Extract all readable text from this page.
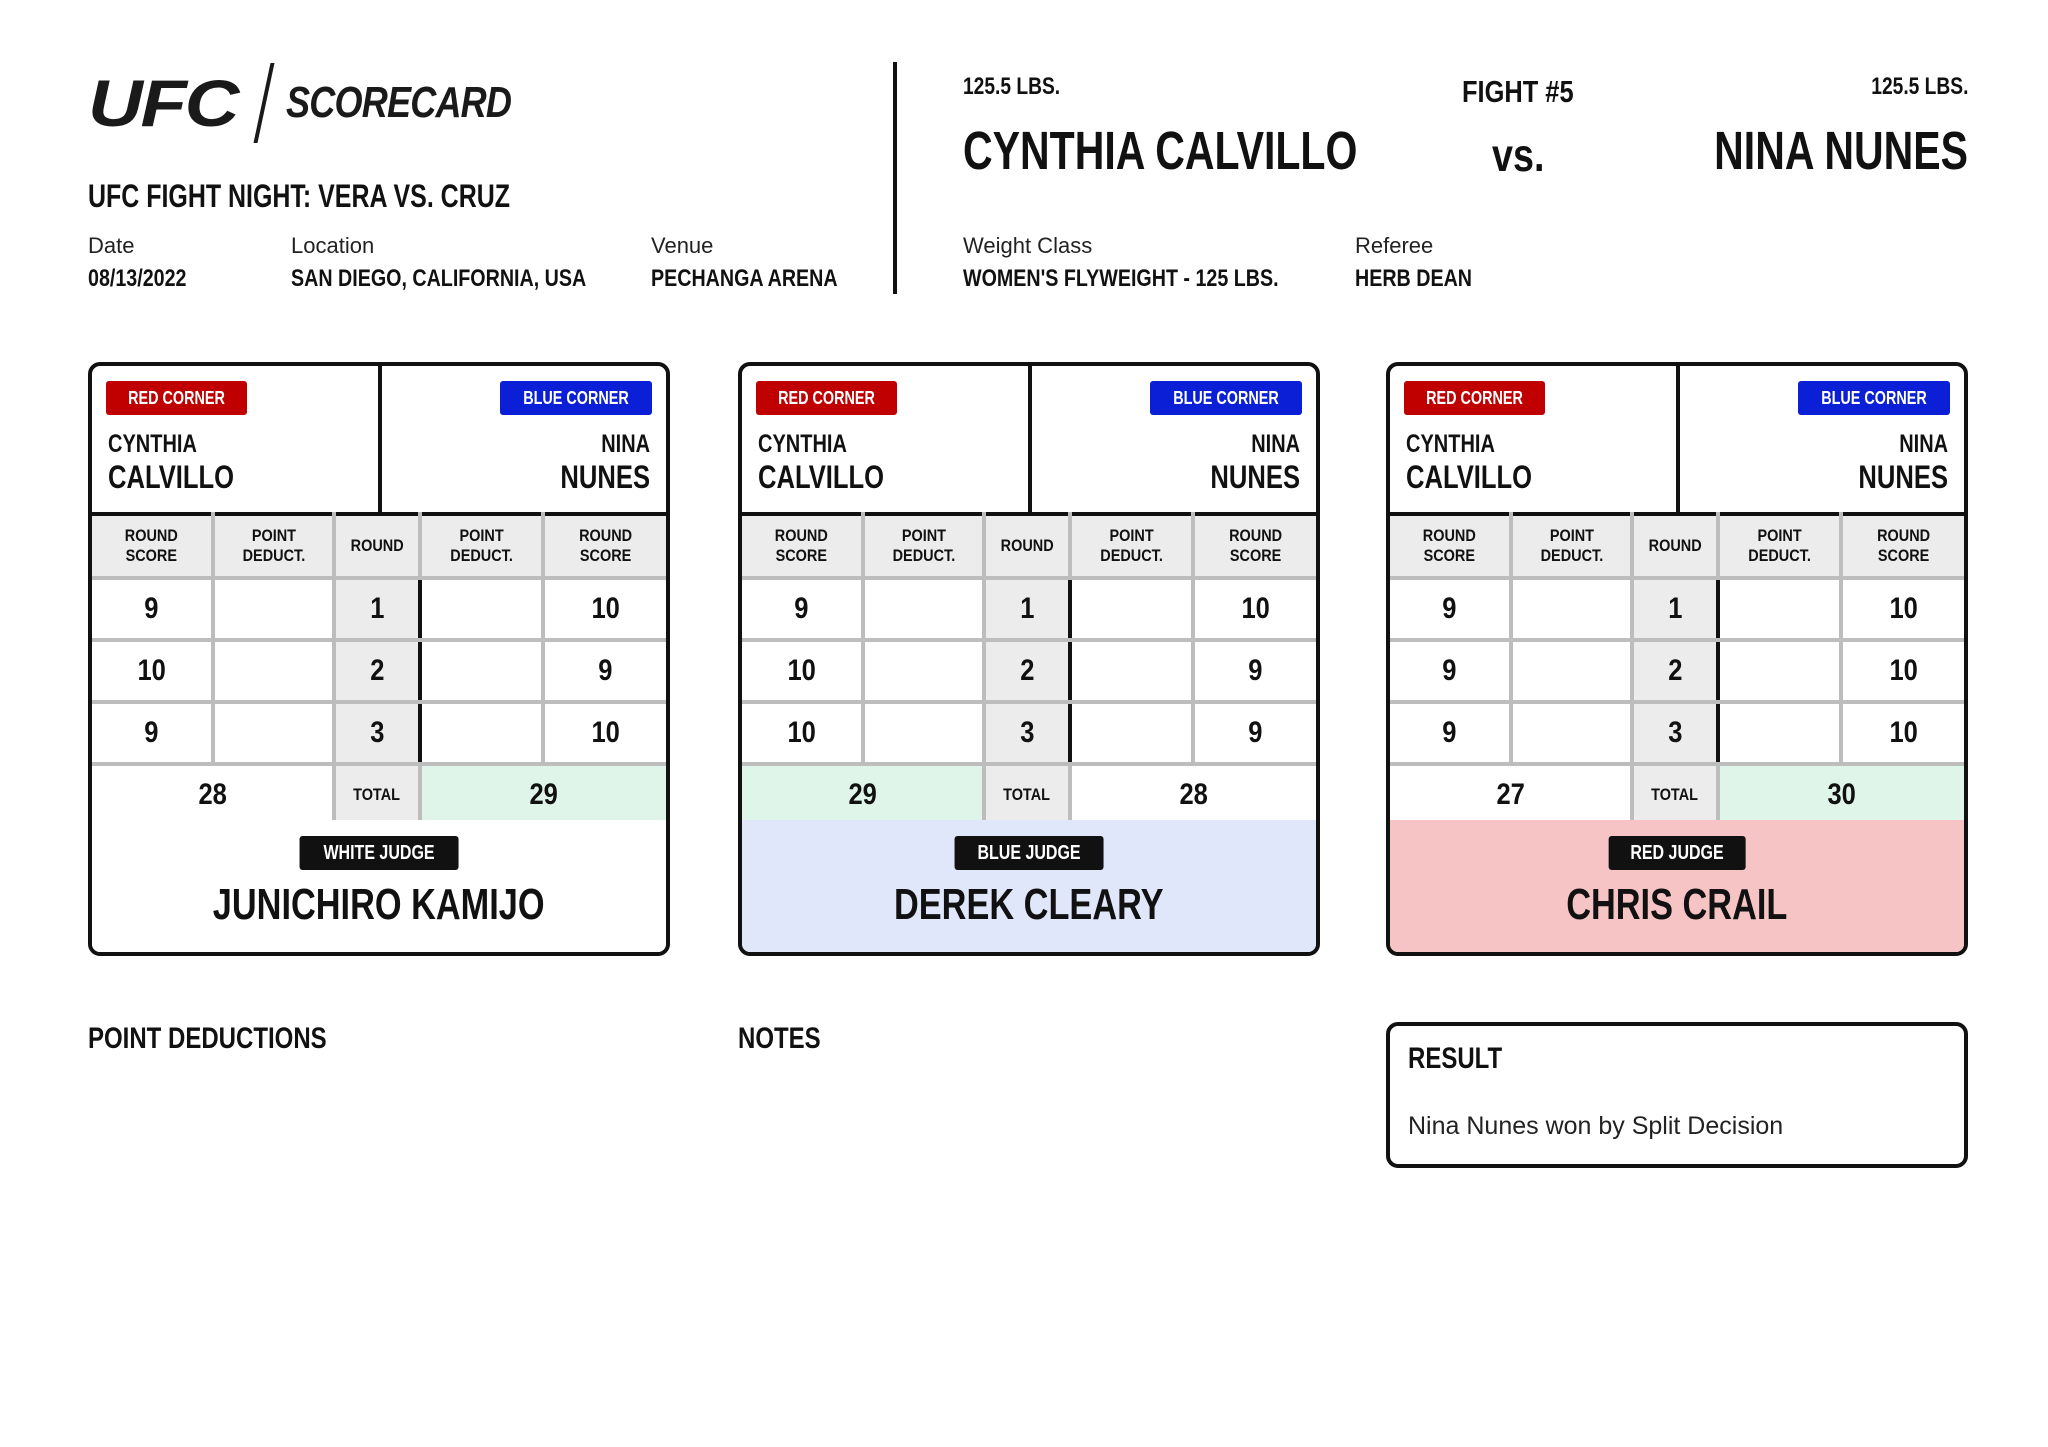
UFC	SCORECARD
UFC FIGHT NIGHT: VERA VS. CRUZ
Date
08/13/2022
Location
SAN DIEGO, CALIFORNIA, USA
Venue
PECHANGA ARENA
125.5 LBS.	FIGHT #5	125.5 LBS.
CYNTHIA CALVILLO	vs.	NINA NUNES
Weight Class
WOMEN'S FLYWEIGHT - 125 LBS.
Referee
HERB DEAN
RED CORNER
CYNTHIA
CALVILLO
BLUE CORNER
NINA
NUNES
ROUND SCORE	POINT DEDUCT.	ROUND	POINT DEDUCT.	ROUND SCORE
9		1		10
10		2		9
9		3		10
28		TOTAL	29	
WHITE JUDGE
JUNICHIRO KAMIJO
RED CORNER
CYNTHIA
CALVILLO
BLUE CORNER
NINA
NUNES
ROUND SCORE	POINT DEDUCT.	ROUND	POINT DEDUCT.	ROUND SCORE
9		1		10
10		2		9
10		3		9
29		TOTAL	28	
BLUE JUDGE
DEREK CLEARY
RED CORNER
CYNTHIA
CALVILLO
BLUE CORNER
NINA
NUNES
ROUND SCORE	POINT DEDUCT.	ROUND	POINT DEDUCT.	ROUND SCORE
9		1		10
9		2		10
9		3		10
27		TOTAL	30	
RED JUDGE
CHRIS CRAIL
POINT DEDUCTIONS	NOTES
RESULT
Nina Nunes won by Split Decision
